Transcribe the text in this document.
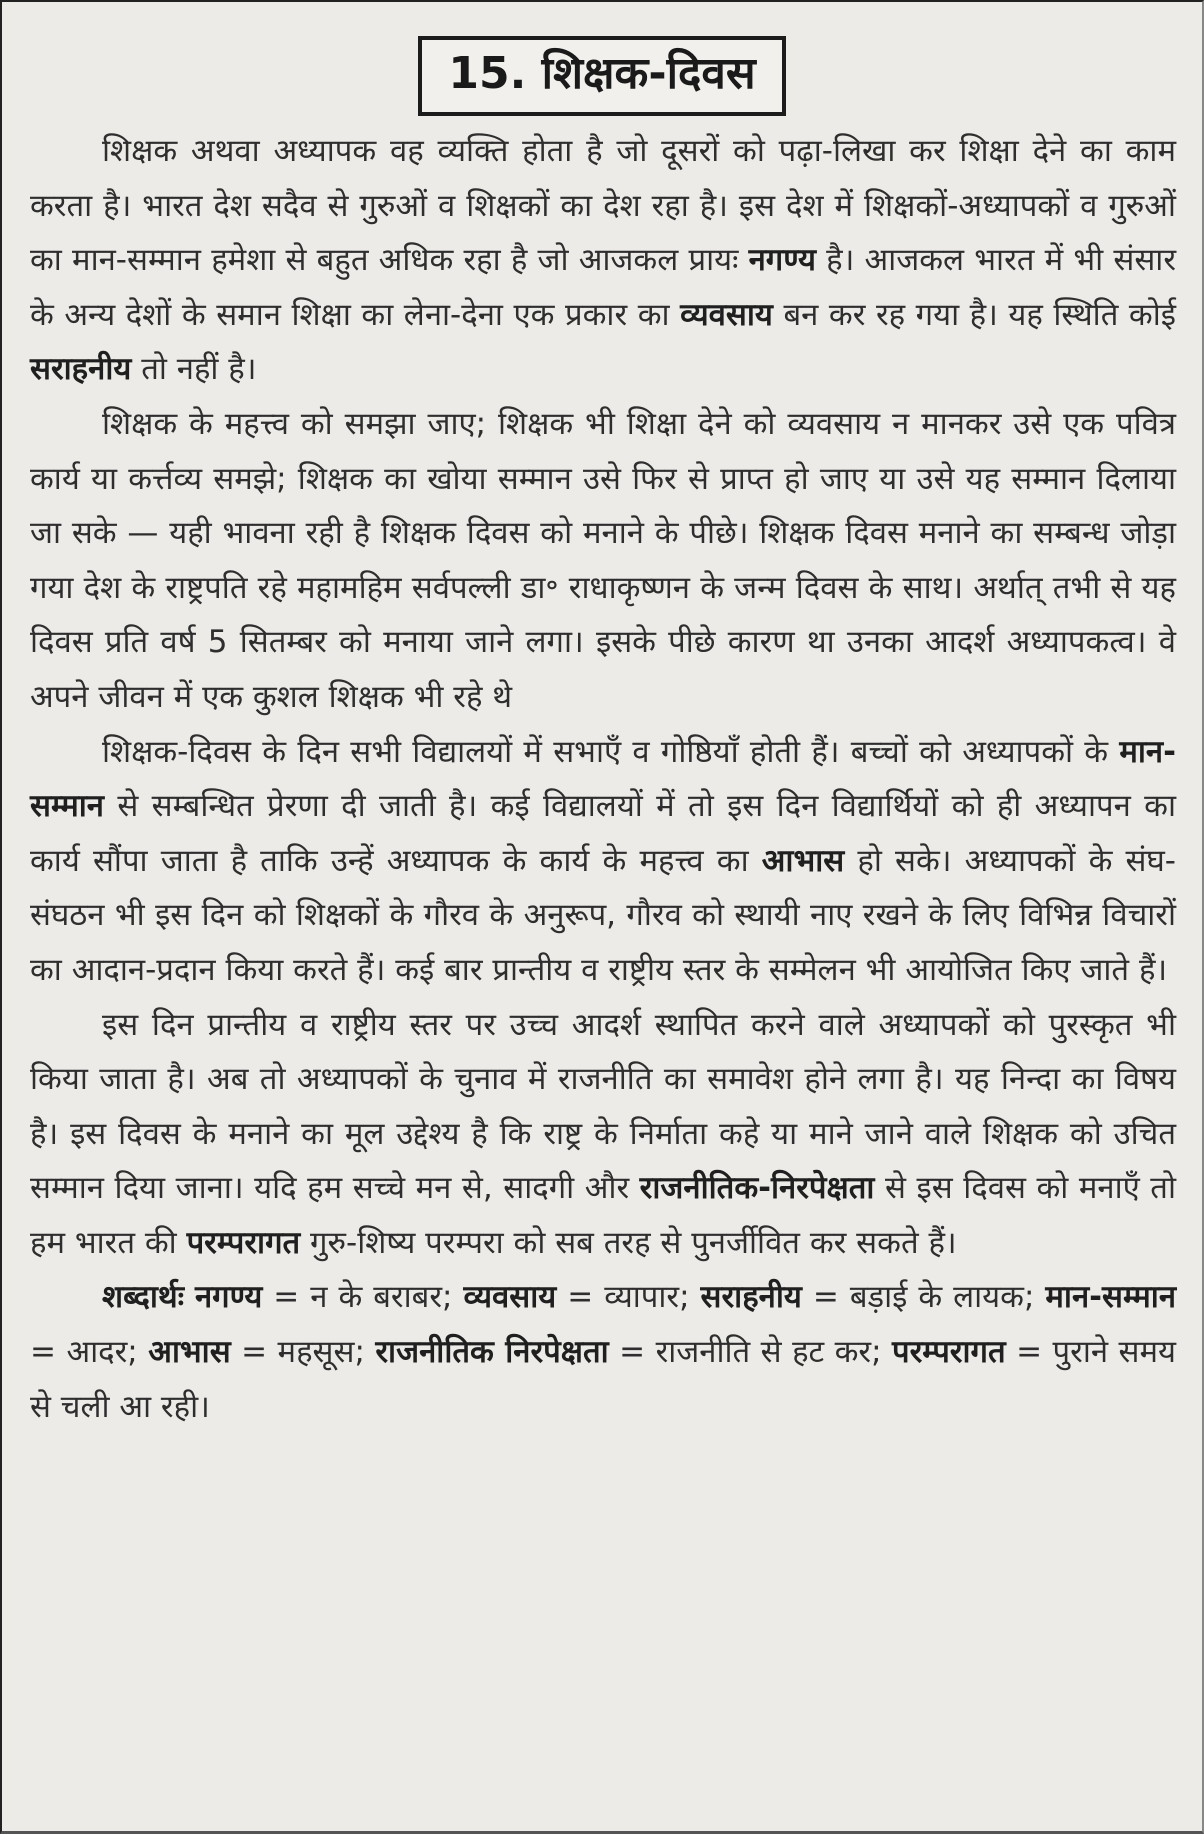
15. शिक्षक-दिवस

शिक्षक अथवा अध्यापक वह व्यक्ति होता है जो दूसरों को पढ़ा-लिखा कर शिक्षा देने का काम करता है। भारत देश सदैव से गुरुओं व शिक्षकों का देश रहा है। इस देश में शिक्षकों-अध्यापकों व गुरुओं का मान-सम्मान हमेशा से बहुत अधिक रहा है जो आजकल प्रायः नगण्य है। आजकल भारत में भी संसार के अन्य देशों के समान शिक्षा का लेना-देना एक प्रकार का व्यवसाय बन कर रह गया है। यह स्थिति कोई सराहनीय तो नहीं है।

शिक्षक के महत्त्व को समझा जाए; शिक्षक भी शिक्षा देने को व्यवसाय न मानकर उसे एक पवित्र कार्य या कर्त्तव्य समझे; शिक्षक का खोया सम्मान उसे फिर से प्राप्त हो जाए या उसे यह सम्मान दिलाया जा सके — यही भावना रही है शिक्षक दिवस को मनाने के पीछे। शिक्षक दिवस मनाने का सम्बन्ध जोड़ा गया देश के राष्ट्रपति रहे महामहिम सर्वपल्ली डा॰ राधाकृष्णन के जन्म दिवस के साथ। अर्थात् तभी से यह दिवस प्रति वर्ष 5 सितम्बर को मनाया जाने लगा। इसके पीछे कारण था उनका आदर्श अध्यापकत्व। वे अपने जीवन में एक कुशल शिक्षक भी रहे थे

शिक्षक-दिवस के दिन सभी विद्यालयों में सभाएँ व गोष्ठियाँ होती हैं। बच्चों को अध्यापकों के मान-सम्मान से सम्बन्धित प्रेरणा दी जाती है। कई विद्यालयों में तो इस दिन विद्यार्थियों को ही अध्यापन का कार्य सौंपा जाता है ताकि उन्हें अध्यापक के कार्य के महत्त्व का आभास हो सके। अध्यापकों के संघ-संघठन भी इस दिन को शिक्षकों के गौरव के अनुरूप, गौरव को स्थायी नाए रखने के लिए विभिन्न विचारों का आदान-प्रदान किया करते हैं। कई बार प्रान्तीय व राष्ट्रीय स्तर के सम्मेलन भी आयोजित किए जाते हैं।

इस दिन प्रान्तीय व राष्ट्रीय स्तर पर उच्च आदर्श स्थापित करने वाले अध्यापकों को पुरस्कृत भी किया जाता है। अब तो अध्यापकों के चुनाव में राजनीति का समावेश होने लगा है। यह निन्दा का विषय है। इस दिवस के मनाने का मूल उद्देश्य है कि राष्ट्र के निर्माता कहे या माने जाने वाले शिक्षक को उचित सम्मान दिया जाना। यदि हम सच्चे मन से, सादगी और राजनीतिक-निरपेक्षता से इस दिवस को मनाएँ तो हम भारत की परम्परागत गुरु-शिष्य परम्परा को सब तरह से पुनर्जीवित कर सकते हैं।

शब्दार्थः नगण्य = न के बराबर; व्यवसाय = व्यापार; सराहनीय = बड़ाई के लायक; मान-सम्मान = आदर; आभास = महसूस; राजनीतिक निरपेक्षता = राजनीति से हट कर; परम्परागत = पुराने समय से चली आ रही।
